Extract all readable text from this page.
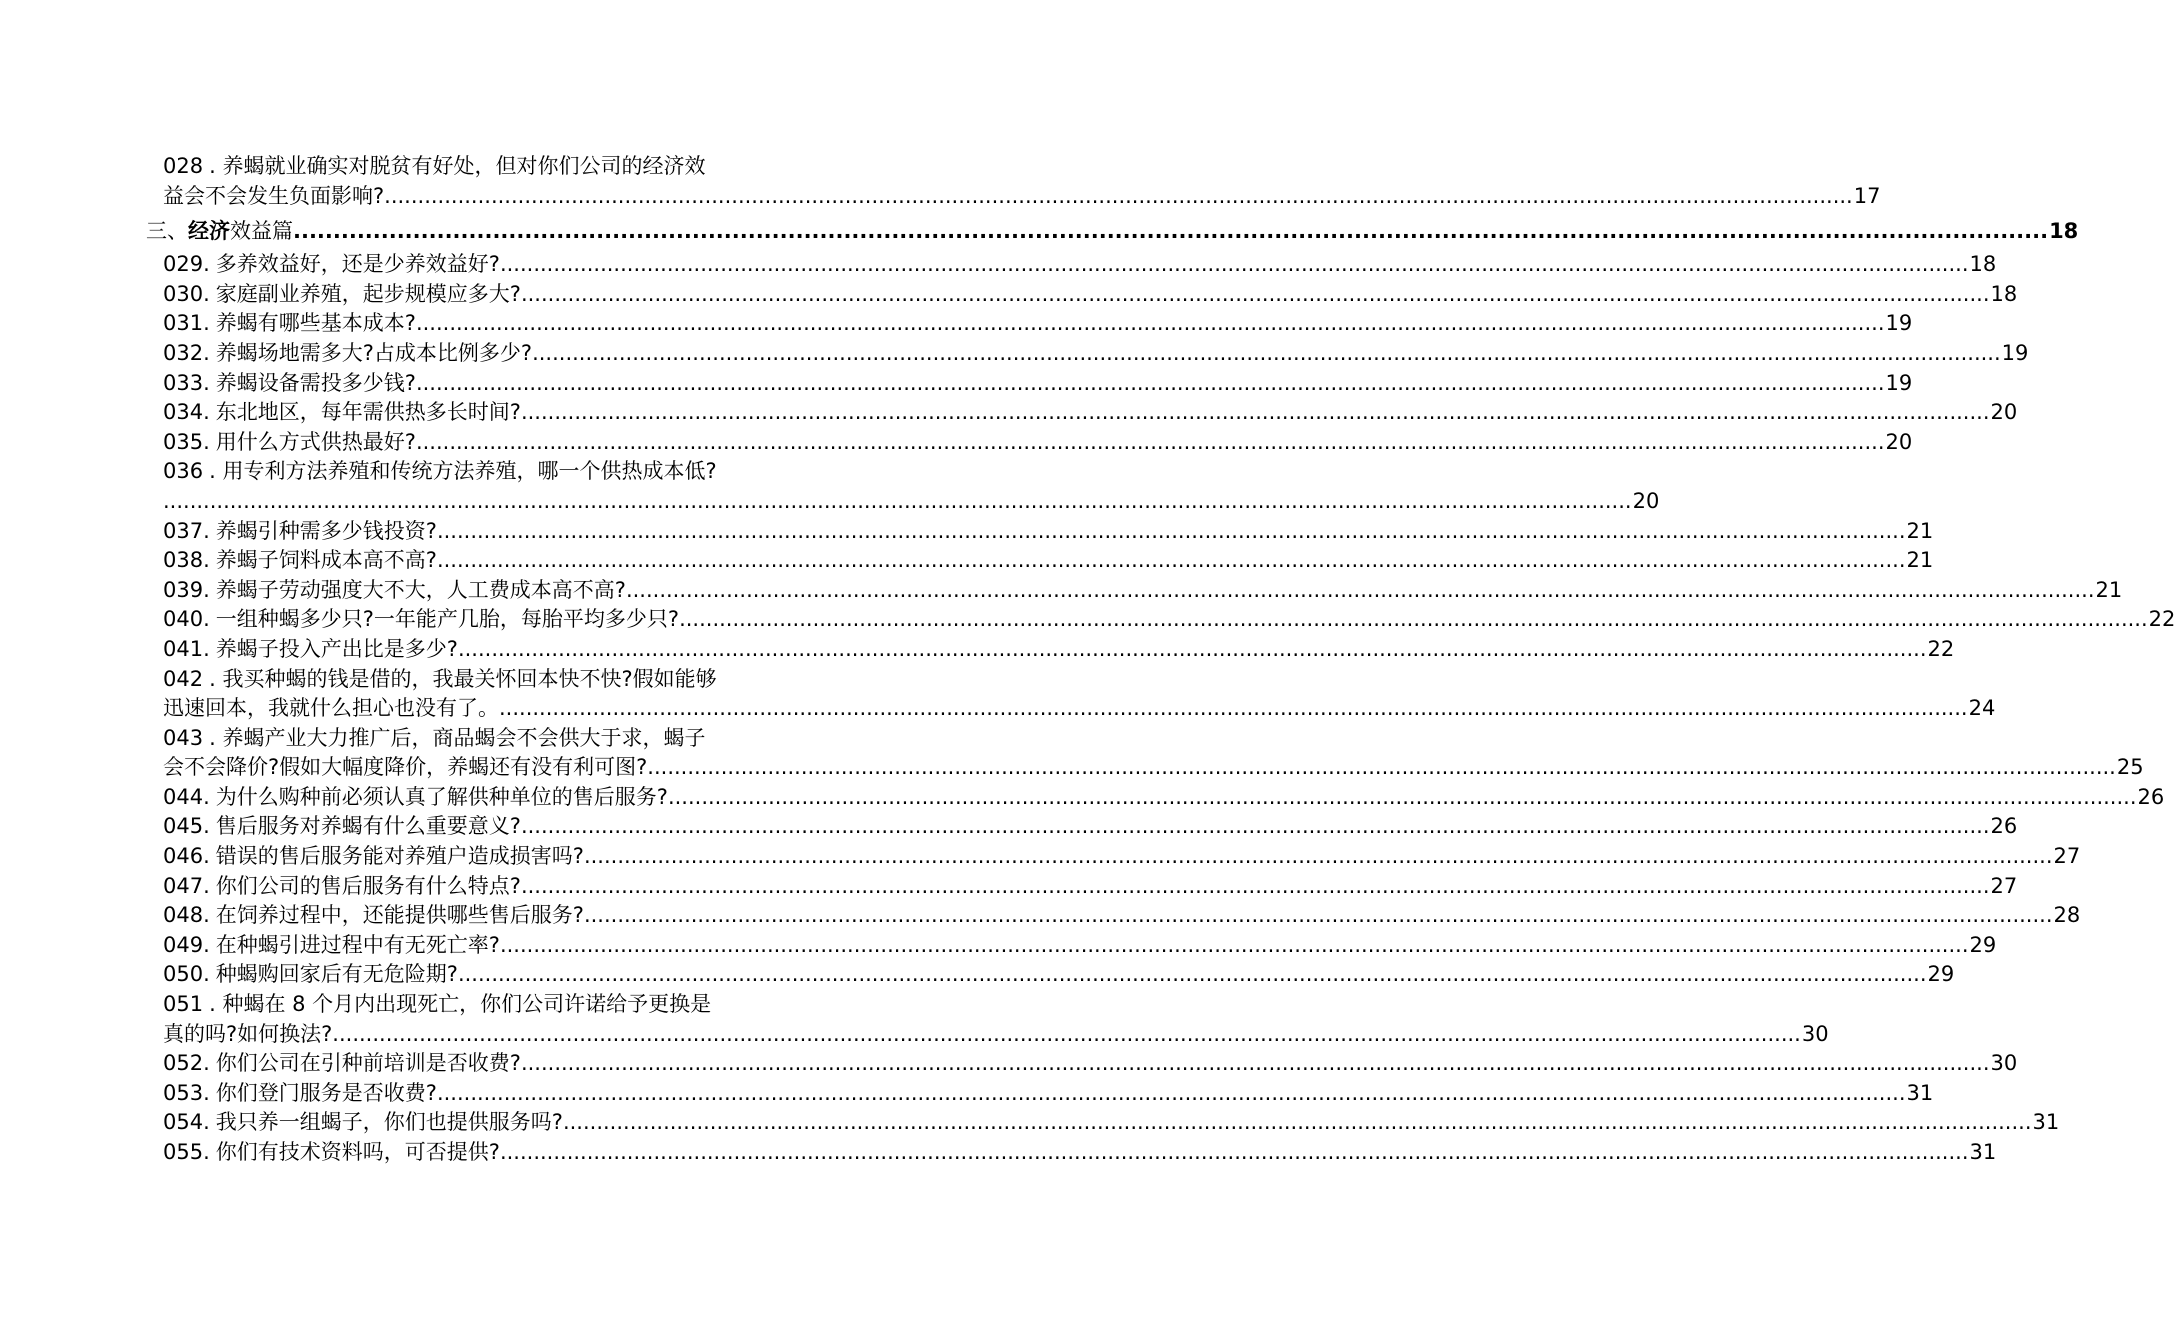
028 . 养蝎就业确实对脱贫有好处，但对你们公司的经济效
益会不会发生负面影响? ............................................................................................................................................................................................................................ 17
三、 经济 效益篇 ............................................................................................................................................................................................................................ 18
029 . 多养效益好，还是少养效益好? ............................................................................................................................................................................................................................ 18
030 . 家庭副业养殖，起步规模应多大? ............................................................................................................................................................................................................................ 18
031 . 养蝎有哪些基本成本? ............................................................................................................................................................................................................................ 19
032 . 养蝎场地需多大?占成本比例多少? ............................................................................................................................................................................................................................ 19
033 . 养蝎设备需投多少钱? ............................................................................................................................................................................................................................ 19
034 . 东北地区，每年需供热多长时间? ............................................................................................................................................................................................................................ 20
035 . 用什么方式供热最好? ............................................................................................................................................................................................................................ 20
036 . 用专利方法养殖和传统方法养殖，哪一个供热成本低?
............................................................................................................................................................................................................................ 20
037 . 养蝎引种需多少钱投资? ............................................................................................................................................................................................................................ 21
038 . 养蝎子饲料成本高不高? ............................................................................................................................................................................................................................ 21
039 . 养蝎子劳动强度大不大，人工费成本高不高? ............................................................................................................................................................................................................................ 21
040 . 一组种蝎多少只?一年能产几胎，每胎平均多少只? ............................................................................................................................................................................................................................ 22
041 . 养蝎子投入产出比是多少? ............................................................................................................................................................................................................................ 22
042 . 我买种蝎的钱是借的，我最关怀回本快不快?假如能够
迅速回本，我就什么担心也没有了。 ............................................................................................................................................................................................................................ 24
043 . 养蝎产业大力推广后，商品蝎会不会供大于求，蝎子
会不会降价?假如大幅度降价，养蝎还有没有利可图? ............................................................................................................................................................................................................................ 25
044 . 为什么购种前必须认真了解供种单位的售后服务? ............................................................................................................................................................................................................................ 26
045 . 售后服务对养蝎有什么重要意义? ............................................................................................................................................................................................................................ 26
046 . 错误的售后服务能对养殖户造成损害吗? ............................................................................................................................................................................................................................ 27
047 . 你们公司的售后服务有什么特点? ............................................................................................................................................................................................................................ 27
048 . 在饲养过程中，还能提供哪些售后服务? ............................................................................................................................................................................................................................ 28
049 . 在种蝎引进过程中有无死亡率? ............................................................................................................................................................................................................................ 29
050 . 种蝎购回家后有无危险期? ............................................................................................................................................................................................................................ 29
051 . 种蝎在 8 个月内出现死亡，你们公司许诺给予更换是
真的吗?如何换法? ............................................................................................................................................................................................................................ 30
052 . 你们公司在引种前培训是否收费? ............................................................................................................................................................................................................................ 30
053 . 你们登门服务是否收费? ............................................................................................................................................................................................................................ 31
054 . 我只养一组蝎子，你们也提供服务吗? ............................................................................................................................................................................................................................ 31
055 . 你们有技术资料吗，可否提供? ............................................................................................................................................................................................................................ 31
